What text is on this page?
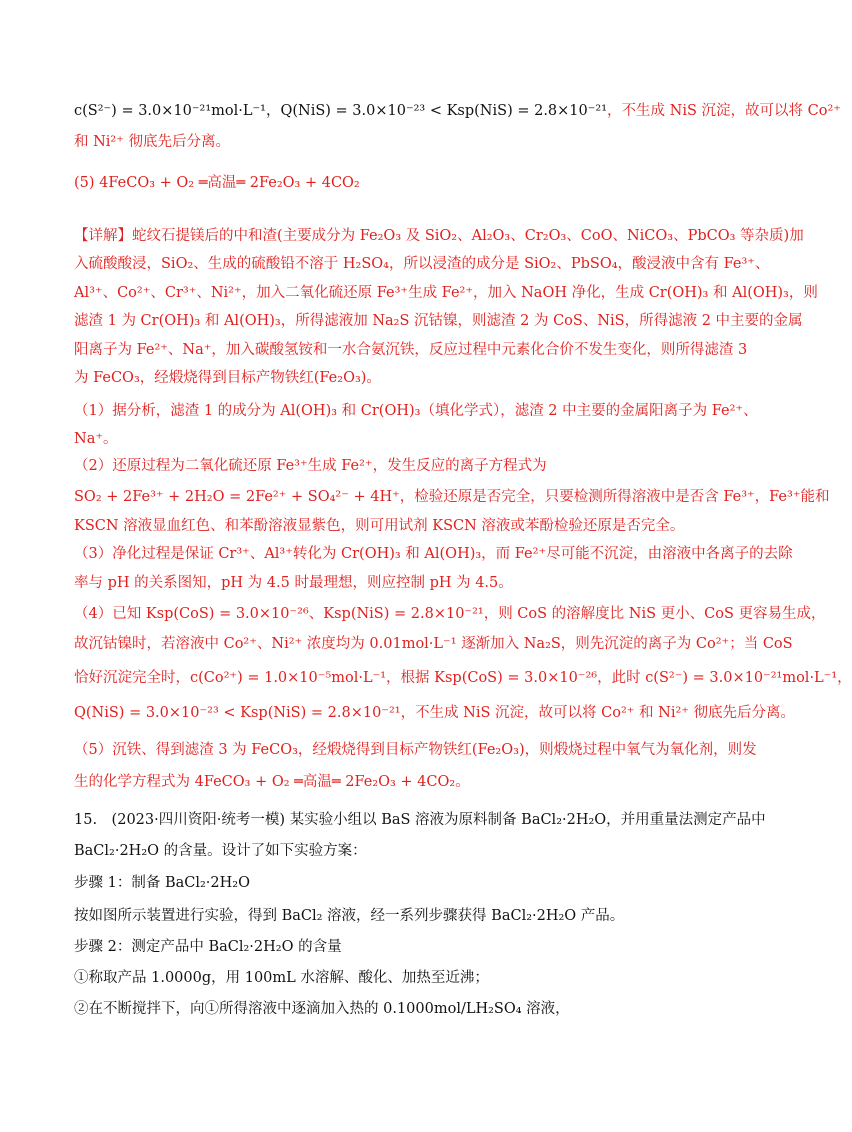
c(S²⁻) = 3.0×10⁻²¹mol·L⁻¹，Q(NiS) = 3.0×10⁻²³ < Ksp(NiS) = 2.8×10⁻²¹，不生成 NiS 沉淀，故可以将 Co²⁺
和 Ni²⁺ 彻底先后分离。
(5) 4FeCO₃ + O₂ ═高温═ 2Fe₂O₃ + 4CO₂
【详解】蛇纹石提镁后的中和渣(主要成分为 Fe₂O₃ 及 SiO₂、Al₂O₃、Cr₂O₃、CoO、NiCO₃、PbCO₃ 等杂质)加
入硫酸酸浸，SiO₂、生成的硫酸铅不溶于 H₂SO₄，所以浸渣的成分是 SiO₂、PbSO₄，酸浸液中含有 Fe³⁺、
Al³⁺、Co²⁺、Cr³⁺、Ni²⁺，加入二氧化硫还原 Fe³⁺生成 Fe²⁺，加入 NaOH 净化，生成 Cr(OH)₃ 和 Al(OH)₃，则
滤渣 1 为 Cr(OH)₃ 和 Al(OH)₃，所得滤液加 Na₂S 沉钴镍，则滤渣 2 为 CoS、NiS，所得滤液 2 中主要的金属
阳离子为 Fe²⁺、Na⁺，加入碳酸氢铵和一水合氨沉铁，反应过程中元素化合价不发生变化，则所得滤渣 3
为 FeCO₃，经煅烧得到目标产物铁红(Fe₂O₃)。
（1）据分析，滤渣 1 的成分为 Al(OH)₃ 和 Cr(OH)₃（填化学式），滤渣 2 中主要的金属阳离子为 Fe²⁺、
Na⁺。
（2）还原过程为二氧化硫还原 Fe³⁺生成 Fe²⁺，发生反应的离子方程式为
SO₂ + 2Fe³⁺ + 2H₂O = 2Fe²⁺ + SO₄²⁻ + 4H⁺，检验还原是否完全，只要检测所得溶液中是否含 Fe³⁺，Fe³⁺能和
KSCN 溶液显血红色、和苯酚溶液显紫色，则可用试剂 KSCN 溶液或苯酚检验还原是否完全。
（3）净化过程是保证 Cr³⁺、Al³⁺转化为 Cr(OH)₃ 和 Al(OH)₃，而 Fe²⁺尽可能不沉淀，由溶液中各离子的去除
率与 pH 的关系图知，pH 为 4.5 时最理想，则应控制 pH 为 4.5。
（4）已知 Ksp(CoS) = 3.0×10⁻²⁶、Ksp(NiS) = 2.8×10⁻²¹，则 CoS 的溶解度比 NiS 更小、CoS 更容易生成，
故沉钴镍时，若溶液中 Co²⁺、Ni²⁺ 浓度均为 0.01mol·L⁻¹ 逐渐加入 Na₂S，则先沉淀的离子为 Co²⁺；当 CoS
恰好沉淀完全时，c(Co²⁺) = 1.0×10⁻⁵mol·L⁻¹，根据 Ksp(CoS) = 3.0×10⁻²⁶，此时 c(S²⁻) = 3.0×10⁻²¹mol·L⁻¹，
Q(NiS) = 3.0×10⁻²³ < Ksp(NiS) = 2.8×10⁻²¹，不生成 NiS 沉淀，故可以将 Co²⁺ 和 Ni²⁺ 彻底先后分离。
（5）沉铁、得到滤渣 3 为 FeCO₃，经煅烧得到目标产物铁红(Fe₂O₃)，则煅烧过程中氧气为氧化剂，则发
生的化学方程式为 4FeCO₃ + O₂ ═高温═ 2Fe₂O₃ + 4CO₂。
15.　(2023·四川资阳·统考一模) 某实验小组以 BaS 溶液为原料制备 BaCl₂·2H₂O，并用重量法测定产品中
BaCl₂·2H₂O 的含量。设计了如下实验方案：
步骤 1：制备 BaCl₂·2H₂O
按如图所示装置进行实验，得到 BaCl₂ 溶液，经一系列步骤获得 BaCl₂·2H₂O 产品。
步骤 2：测定产品中 BaCl₂·2H₂O 的含量
①称取产品 1.0000g，用 100mL 水溶解、酸化、加热至近沸；
②在不断搅拌下，向①所得溶液中逐滴加入热的 0.1000mol/LH₂SO₄ 溶液，
